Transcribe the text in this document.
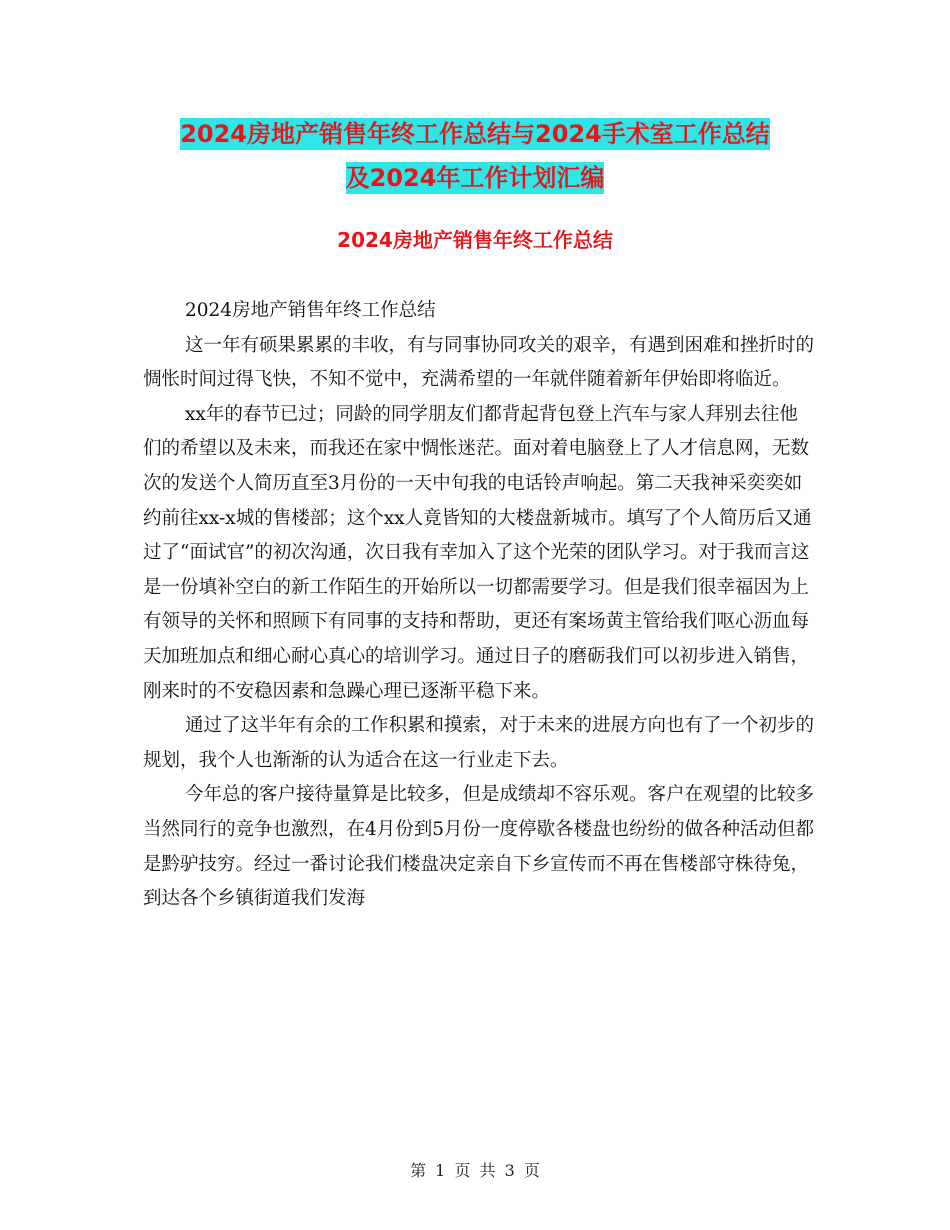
2024房地产销售年终工作总结与2024手术室工作总结
及2024年工作计划汇编
2024房地产销售年终工作总结

2024房地产销售年终工作总结

这一年有硕果累累的丰收，有与同事协同攻关的艰辛，有遇到困难和挫折时的惆怅时间过得飞快，不知不觉中，充满希望的一年就伴随着新年伊始即将临近。

xx年的春节已过；同龄的同学朋友们都背起背包登上汽车与家人拜别去往他们的希望以及未来，而我还在家中惆怅迷茫。面对着电脑登上了人才信息网，无数次的发送个人简历直至3月份的一天中旬我的电话铃声响起。第二天我神采奕奕如约前往xx-x城的售楼部；这个xx人竟皆知的大楼盘新城市。填写了个人简历后又通过了“面试官”的初次沟通，次日我有幸加入了这个光荣的团队学习。对于我而言这是一份填补空白的新工作陌生的开始所以一切都需要学习。但是我们很幸福因为上有领导的关怀和照顾下有同事的支持和帮助，更还有案场黄主管给我们呕心沥血每天加班加点和细心耐心真心的培训学习。通过日子的磨砺我们可以初步进入销售，刚来时的不安稳因素和急躁心理已逐渐平稳下来。

通过了这半年有余的工作积累和摸索，对于未来的进展方向也有了一个初步的规划，我个人也渐渐的认为适合在这一行业走下去。

今年总的客户接待量算是比较多，但是成绩却不容乐观。客户在观望的比较多当然同行的竞争也激烈，在4月份到5月份一度停歇各楼盘也纷纷的做各种活动但都是黔驴技穷。经过一番讨论我们楼盘决定亲自下乡宣传而不再在售楼部守株待兔，到达各个乡镇街道我们发海

第 1 页 共 3 页
